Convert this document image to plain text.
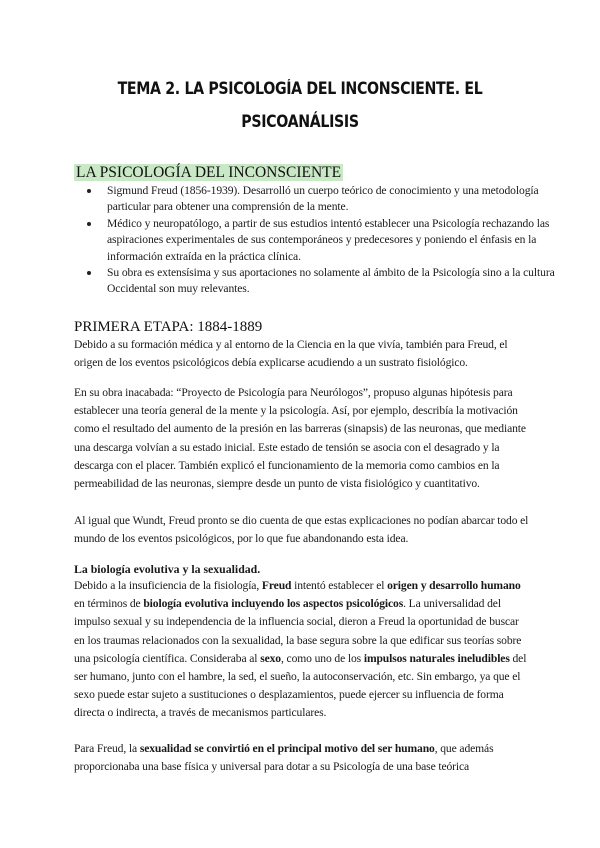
TEMA 2. LA PSICOLOGÍA DEL INCONSCIENTE. EL
PSICOANÁLISIS
LA PSICOLOGÍA DEL INCONSCIENTE
Sigmund Freud (1856-1939). Desarrolló un cuerpo teórico de conocimiento y una metodología particular para obtener una comprensión de la mente.
Médico y neuropatólogo, a partir de sus estudios intentó establecer una Psicología rechazando las aspiraciones experimentales de sus contemporáneos y predecesores y poniendo el énfasis en la información extraída en la práctica clínica.
Su obra es extensísima y sus aportaciones no solamente al ámbito de la Psicología sino a la cultura Occidental son muy relevantes.
PRIMERA ETAPA: 1884-1889

Debido a su formación médica y al entorno de la Ciencia en la que vivía, también para Freud, el origen de los eventos psicológicos debía explicarse acudiendo a un sustrato fisiológico.

En su obra inacabada: “Proyecto de Psicología para Neurólogos”, propuso algunas hipótesis para establecer una teoría general de la mente y la psicología. Así, por ejemplo, describía la motivación como el resultado del aumento de la presión en las barreras (sinapsis) de las neuronas, que mediante una descarga volvían a su estado inicial. Este estado de tensión se asocia con el desagrado y la descarga con el placer. También explicó el funcionamiento de la memoria como cambios en la permeabilidad de las neuronas, siempre desde un punto de vista fisiológico y cuantitativo.

Al igual que Wundt, Freud pronto se dio cuenta de que estas explicaciones no podían abarcar todo el mundo de los eventos psicológicos, por lo que fue abandonando esta idea.

La biología evolutiva y la sexualidad.

Debido a la insuficiencia de la fisiología, Freud intentó establecer el origen y desarrollo humano en términos de biología evolutiva incluyendo los aspectos psicológicos. La universalidad del impulso sexual y su independencia de la influencia social, dieron a Freud la oportunidad de buscar en los traumas relacionados con la sexualidad, la base segura sobre la que edificar sus teorías sobre una psicología científica. Consideraba al sexo, como uno de los impulsos naturales ineludibles del ser humano, junto con el hambre, la sed, el sueño, la autoconservación, etc. Sin embargo, ya que el sexo puede estar sujeto a sustituciones o desplazamientos, puede ejercer su influencia de forma directa o indirecta, a través de mecanismos particulares.

Para Freud, la sexualidad se convirtió en el principal motivo del ser humano, que además proporcionaba una base física y universal para dotar a su Psicología de una base teórica
